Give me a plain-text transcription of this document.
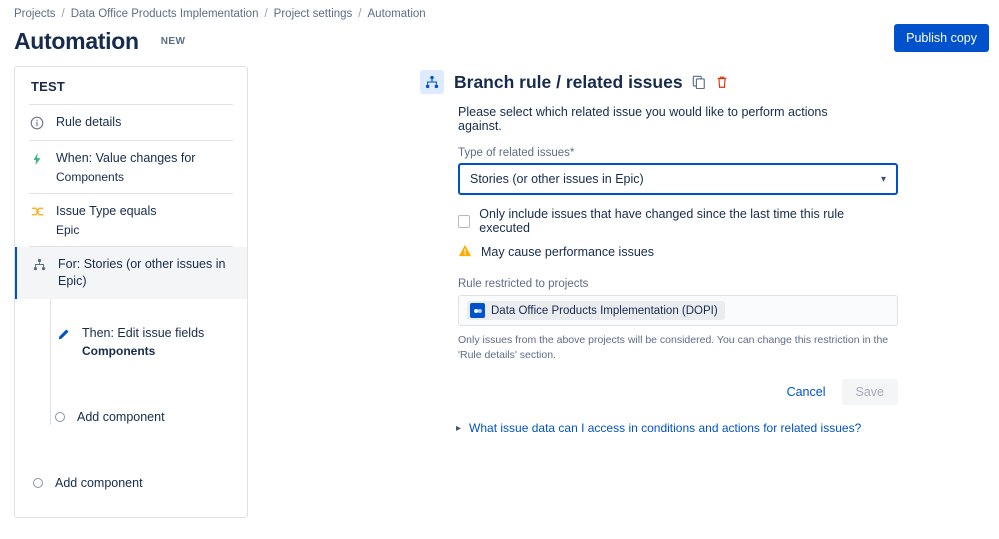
Projects / Data Office Products Implementation / Project settings / Automation
Automation NEW	Publish copy
TEST
Rule details
When: Value changes for
Components
Issue Type equals
Epic
For: Stories (or other issues in Epic)
Then: Edit issue fields
Components
Add component
Add component
Branch rule / related issues
Please select which related issue you would like to perform actions against.
Type of related issues*
Stories (or other issues in Epic)	▾
Only include issues that have changed since the last time this rule executed
May cause performance issues
Rule restricted to projects
Data Office Products Implementation (DOPI)
Only issues from the above projects will be considered. You can change this restriction in the 'Rule details' section.
Cancel	Save
▸ What issue data can I access in conditions and actions for related issues?
